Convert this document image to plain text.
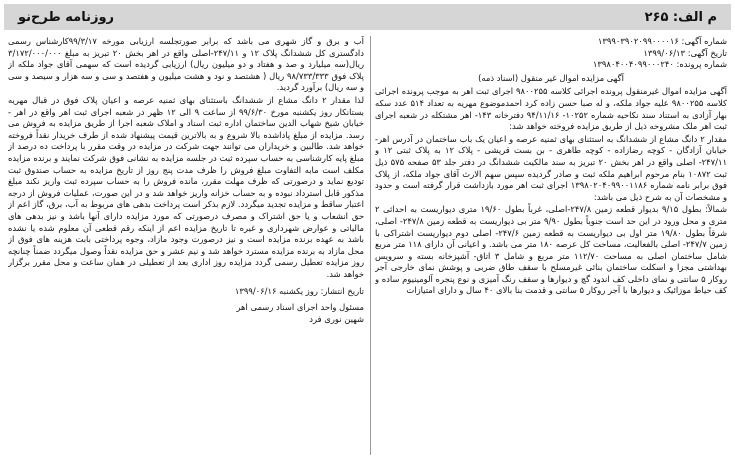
م الف: ۲۶۵
روزنامه طرح‌نو
شماره آگهی: ۱۳۹۹۰۳۹۰۲۰۹۹۰۰۰۰۱۶
تاریخ آگهی: ۱۳۹۹/۰۶/۱۳
شماره پرونده: ۱۳۹۸۰۴۰۰۴۰۹۹۰۰۰۲۴۰
آگهی مزایده اموال غیر منقول (اسناد ذمه)

آگهی مزایده اموال غیرمنقول پرونده اجرائی کلاسه ۹۸۰۰۲۵۵ اجرای ثبت اهر به موجب پرونده اجرائی کلاسه ۹۸۰۰۲۵۵ علیه جواد ملکه، و له صبا حسن زاده کرد احمدموضوع مهریه به تعداد ۵۱۴ عدد سکه بهار آزادی به استناد سند نکاحیه شماره ۱۰۲۵۲- ۹۴/۱۱/۱۶ دفترخانه ۱۴۳- اهر مشتکله در شعبه اجرای ثبت اهر ملک مشروحه ذیل از طریق مزایده فروخته خواهد شد:

مقدار ۲ دانگ مشاع از ششدانگ به استثنای بهای ثمنیه عرصه و اعیان یک باب ساختمان در آدرس اهر- خیابان آزادگان - کوچه رضازاده - کوچه طاهری - بن بست قریشی - پلاک ۱۲ به پلاک ثبتی ۱۲ و ۲۴۷/۱۱- اصلی واقع در اهر بخش ۲۰ تبریز به سند مالکیت ششدانگ در دفتر جلد ۵۳ صفحه ۵۷۵ ذیل ثبت ۱۰۸۷۲ بنام مرحوم ابراهیم ملکه ثبت و صادر گردیده سپس سهم الارث آقای جواد ملکه، از پلاک فوق برابر نامه شماره ۱۳۹۸۰۲۰۴۰۹۹۰۰۱۱۸۶ اجرای ثبت اهر مورد بازداشت قرار گرفته است و حدود و مشخصات آن به شرح ذیل می باشد:

شمالاً: بطول ۹/۱۵ بدیوار قطعه زمین ۲۴۷/۸-اصلی، غرباً بطول ۱۹/۶۰ متری دیواریست به احداثی ۲ متری و محل ورود در این حد است جنوباً بطول ۹/۹۰ متر بی دیواریست به قطعه زمین ۲۴۷/۸- اصلی، شرقاً بطول ۱۹/۸۰ متر اول بی دیواریست به قطعه زمین ۲۴۷/۶- اصلی دوم دیواریست اشتراکی با زمین ۲۴۷/۷- اصلی بالفعالیت، مساحت کل عرصه ۱۸۰ متر می باشد. و اعیانی آن دارای ۱۱۸ متر مربع شامل ساختمان اصلی به مساحت ۱۱۲/۷۰ متر مربع و شامل ۳ اتاق- آشپزخانه بسته و سرویس بهداشتی مجزا و اسکلت ساختمان بنائی غیرمسلح با سقف طاق ضربی و پوشش نمای خارجی آجر روکار ۵ سانتی و نمای داخلی کف اندود گچ و دیوارها و سقف رنگ آمیزی و نوع پنجره آلومینیوم ساده و کف حیاط موزائیک و دیوارها با آجر روکار ۵ سانتی و قدمت بنا بالای ۴۰ سال و دارای امتیازات

آب و برق و گاز شهری می باشد که برابر صورتجلسه ارزیابی مورخه ۹۹/۳/۱۷کارشناس رسمی دادگستری کل ششدانگ پلاک ۱۲ و ۲۴۷/۱۱-اصلی واقع در اهر بخش ۲۰ تبریز به مبلغ ۳/۱۷۲/۰۰۰/۰۰۰ ریال(سه میلیارد و صد و هفتاد و دو میلیون ریال) ارزیابی گردیده است که سهمی آقای جواد ملکه از پلاک فوق ۹۸/۷۳۳/۳۳۳ ریال ( هشتصد و نود و هشت میلیون و هفتصد و سی و سه هزار و سیصد و سی و سه ریال) برآورد گردید.

لذا مقدار ۲ دانگ مشاع از ششدانگ باستثنای بهای ثمنیه عرصه و اعیان پلاک فوق در قبال مهریه بستانکار روز یکشنبه مورخ ۹۹/۶/۳۰ از ساعت ۹ الی ۱۲ ظهر در شعبه اجرای ثبت اهر واقع در اهر - خیابان شیخ شهاب الدین ساختمان اداره ثبت اسناد و املاک شعبه اجرا از طریق مزایده به فروش می رسد. مزایده از مبلغ پاداشده بالا شروع و به بالاترین قیمت پیشنهاد شده از طرف خریدار نقداً فروخته خواهد شد. طالبین و خریداران می توانند جهت شرکت در مزایده در وقت مقرر با پرداخت ده درصد از مبلغ پایه کارشناسی به حساب سپرده ثبت در جلسه مزایده به نشانی فوق شرکت نمایند و برنده مزایده مکلف است مابه التفاوت مبلغ فروش را ظرف مدت پنج روز از تاریخ مزایده به حساب صندوق ثبت تودیع نماید و درصورتی که ظرف مهلت مقرر، مانده فروش را به حساب سپرده ثبت واریز نکند مبلغ مذکور قابل استرداد نبوده و به حساب خزانه واریز خواهد شد و در این صورت، عملیات فروش از درجه اعتبار ساقط و مزایده تجدید میگردد. لازم بذکر است پرداخت بدهی های مربوط به آب، برق، گاز اعم از حق انشعاب و یا حق اشتراک و مصرف درصورتی که مورد مزایده دارای آنها باشد و نیز بدهی های مالیاتی و عوارض شهرداری و غیره تا تاریخ مزایده اعم از اینکه رقم قطعی آن معلوم شده یا نشده باشد به عهده برنده مزایده است و نیز درصورت وجود مازاد، وجوه پرداختی بابت هزینه های فوق از محل مازاد به برنده مزایده مسترد خواهد شد و نیم عشر و حق مزایده نقداً وصول میگردد ضمناً چنانچه روز مزایده تعطیل رسمی گردد مزایده روز اداری بعد از تعطیلی در همان ساعت و محل مقرر برگزار خواهد شد.

تاریخ انتشار: روز یکشنبه ۱۳۹۹/۰۶/۱۶
مسئول واحد اجرای اسناد رسمی اهر
شهین نوری فرد
